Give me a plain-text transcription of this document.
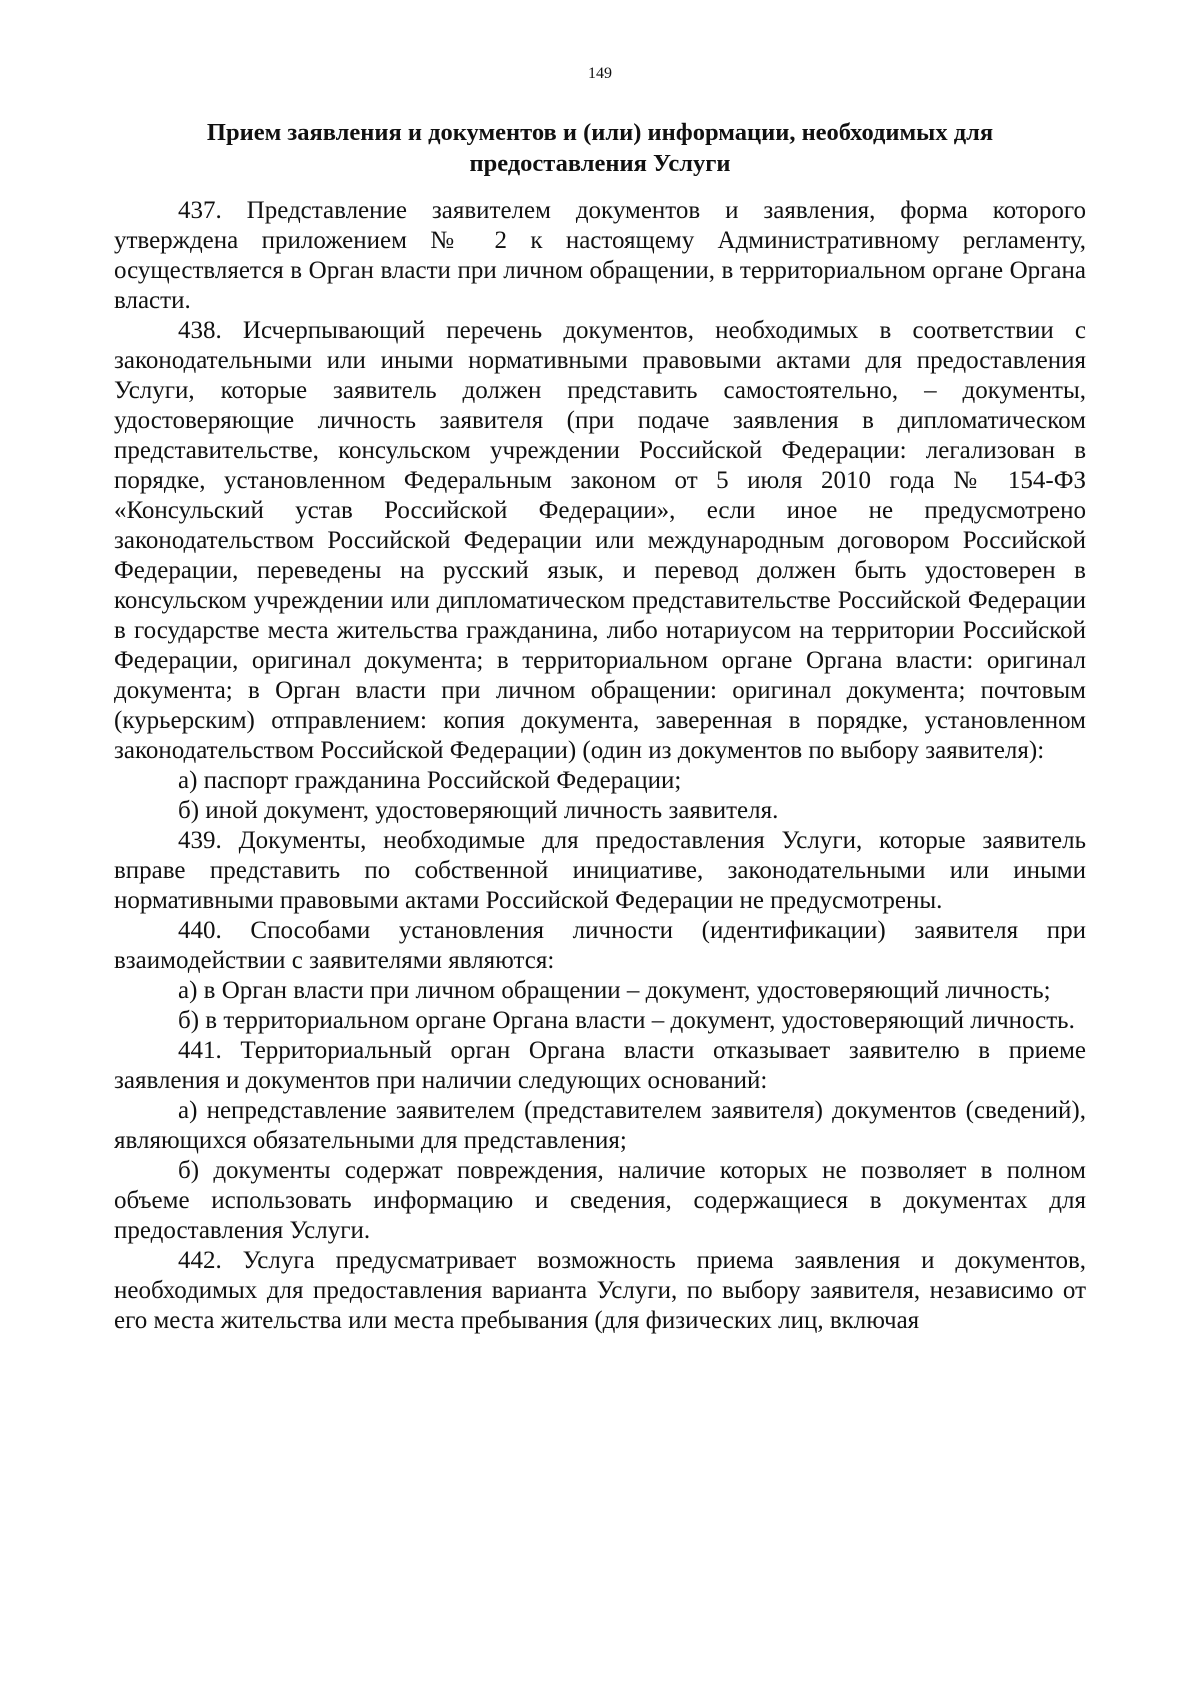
149
Прием заявления и документов и (или) информации, необходимых для
предоставления Услуги

437. Представление заявителем документов и заявления, форма которого утверждена приложением № 2 к настоящему Административному регламенту, осуществляется в Орган власти при личном обращении, в территориальном органе Органа власти.

438. Исчерпывающий перечень документов, необходимых в соответствии с законодательными или иными нормативными правовыми актами для предоставления Услуги, которые заявитель должен представить самостоятельно, – документы, удостоверяющие личность заявителя (при подаче заявления в дипломатическом представительстве, консульском учреждении Российской Федерации: легализован в порядке, установленном Федеральным законом от 5 июля 2010 года № 154-ФЗ «Консульский устав Российской Федерации», если иное не предусмотрено законодательством Российской Федерации или международным договором Российской Федерации, переведены на русский язык, и перевод должен быть удостоверен в консульском учреждении или дипломатическом представительстве Российской Федерации в государстве места жительства гражданина, либо нотариусом на территории Российской Федерации, оригинал документа; в территориальном органе Органа власти: оригинал документа; в Орган власти при личном обращении: оригинал документа; почтовым (курьерским) отправлением: копия документа, заверенная в порядке, установленном законодательством Российской Федерации) (один из документов по выбору заявителя):

а) паспорт гражданина Российской Федерации;

б) иной документ, удостоверяющий личность заявителя.

439. Документы, необходимые для предоставления Услуги, которые заявитель вправе представить по собственной инициативе, законодательными или иными нормативными правовыми актами Российской Федерации не предусмотрены.

440. Способами установления личности (идентификации) заявителя при взаимодействии с заявителями являются:

а) в Орган власти при личном обращении – документ, удостоверяющий личность;

б) в территориальном органе Органа власти – документ, удостоверяющий личность.

441. Территориальный орган Органа власти отказывает заявителю в приеме заявления и документов при наличии следующих оснований:

а) непредставление заявителем (представителем заявителя) документов (сведений), являющихся обязательными для представления;

б) документы содержат повреждения, наличие которых не позволяет в полном объеме использовать информацию и сведения, содержащиеся в документах для предоставления Услуги.

442. Услуга предусматривает возможность приема заявления и документов, необходимых для предоставления варианта Услуги, по выбору заявителя, независимо от его места жительства или места пребывания (для физических лиц, включая
